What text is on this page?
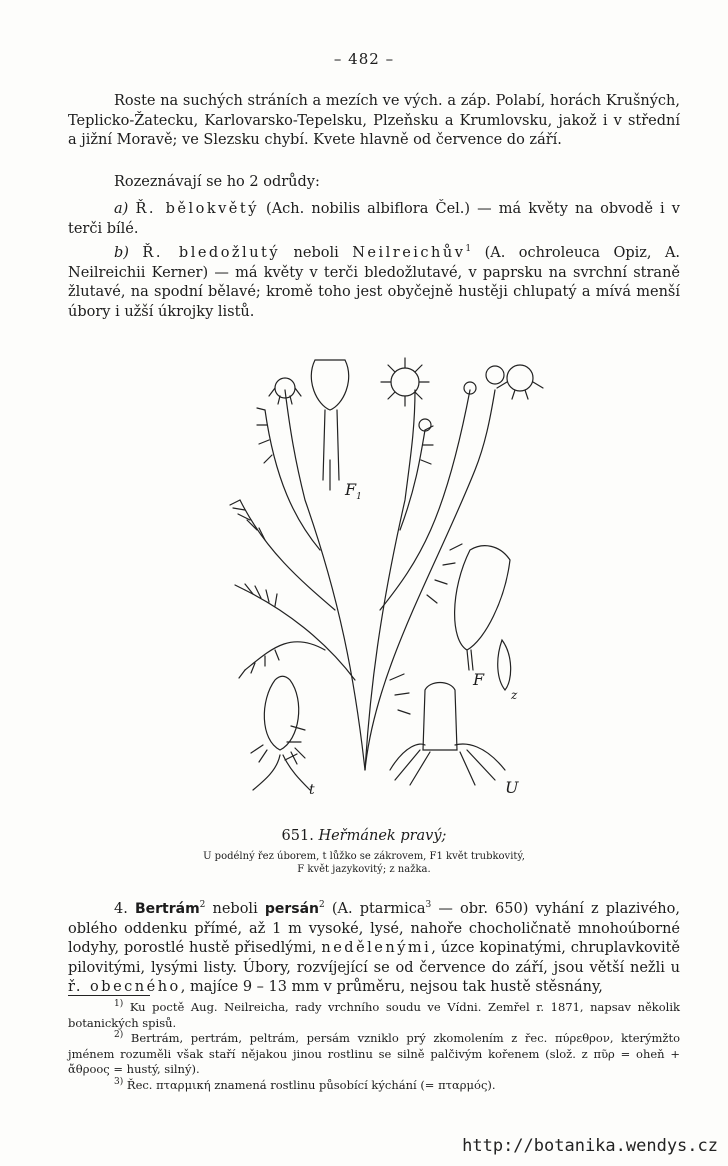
– 482 –

Roste na suchých stráních a mezích ve vých. a záp. Polabí, horách Krušných, Teplicko-Žatecku, Karlovarsko-Tepelsku, Plzeňsku a Krumlovsku, jakož i v střední a jižní Moravě; ve Slezsku chybí. Kvete hlavně od července do září.

Rozeznávají se ho 2 odrůdy:

a) Ř. bělokvětý (Ach. nobilis albiflora Čel.) — má květy na obvodě i v terči bílé.

b) Ř. bledožlutý neboli Neilreichův$^1$ (A. ochroleuca Opiz, A. Neilreichii Kerner) — má květy v terči bledožlutavé, v paprsku na svrchní straně žlutavé, na spodní bělavé; kromě toho jest obyčejně hustěji chlupatý a mívá menší úbory i užší úkrojky listů.

$F_1$
F
z
t	U
651. Heřmánek pravý;
U podélný řez úborem, t lůžko se zákrovem, F1 květ trubkovitý,
F květ jazykovitý; z nažka.

4. Bertrám$^2$ neboli persán$^2$ (A. ptarmica$^3$ — obr. 650) vyhání z plazivého, oblého oddenku přímé, až 1 m vysoké, lysé, nahoře chocholičnatě mnohoúborné lodyhy, porostlé hustě přisedlými, nedělenými, úzce kopinatými, chruplavkovitě pilovitými, lysými listy. Úbory, rozvíjející se od července do září, jsou větší nežli u ř. obecného, majíce 9 – 13 mm v průměru, nejsou tak hustě stěsnány,

$^{1)}$ Ku poctě Aug. Neilreicha, rady vrchního soudu ve Vídni. Zemřel r. 1871, napsav několik botanických spisů.

$^{2)}$ Bertrám, pertrám, peltrám, persám vzniklo prý zkomolením z řec. πύρεθρον, kterýmžto jménem rozuměli však staří nějakou jinou rostlinu se silně palčivým kořenem (slož. z πῦρ = oheň + ἄθροος = hustý, silný).

$^{3)}$ Řec. πταρμική znamená rostlinu působící kýchání (= πταρμός).

http://botanika.wendys.cz
